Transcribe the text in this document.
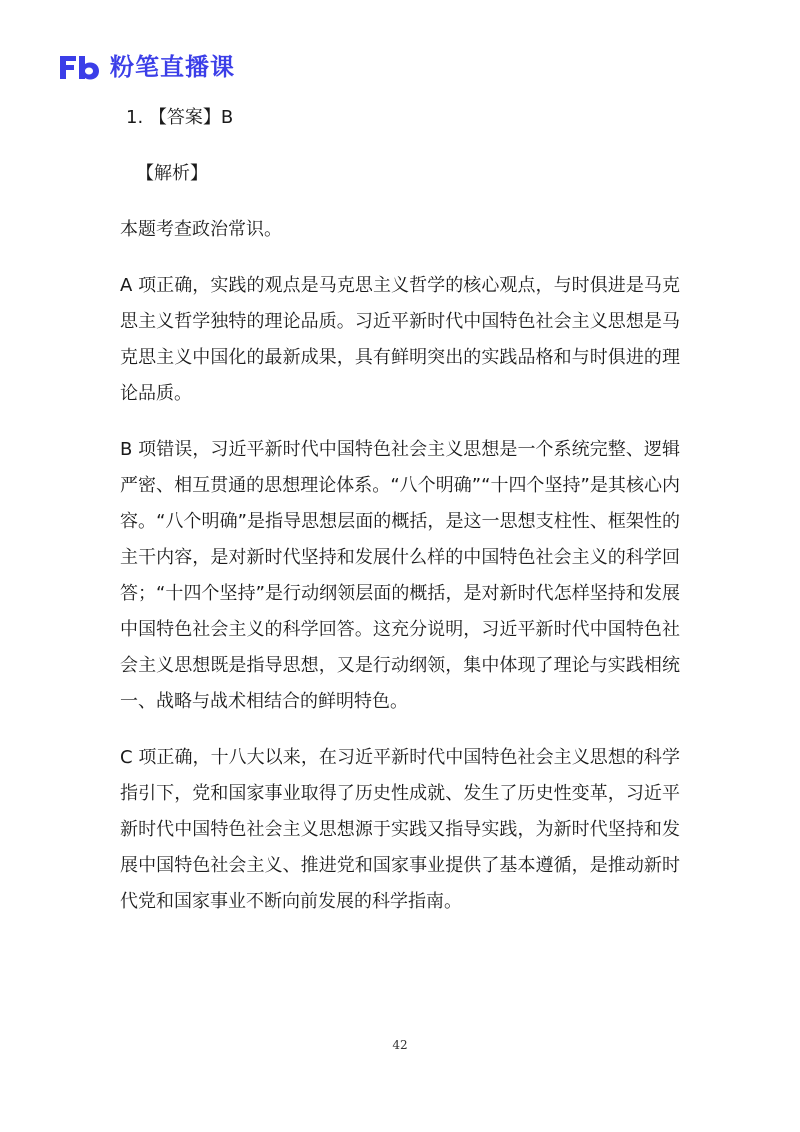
粉笔直播课

1. 【答案】B

【解析】

本题考查政治常识。

A 项正确，实践的观点是马克思主义哲学的核心观点，与时俱进是马克思主义哲学独特的理论品质。习近平新时代中国特色社会主义思想是马克思主义中国化的最新成果，具有鲜明突出的实践品格和与时俱进的理论品质。

B 项错误，习近平新时代中国特色社会主义思想是一个系统完整、逻辑严密、相互贯通的思想理论体系。“八个明确”“十四个坚持”是其核心内容。“八个明确”是指导思想层面的概括，是这一思想支柱性、框架性的主干内容，是对新时代坚持和发展什么样的中国特色社会主义的科学回答；“十四个坚持”是行动纲领层面的概括，是对新时代怎样坚持和发展中国特色社会主义的科学回答。这充分说明，习近平新时代中国特色社会主义思想既是指导思想，又是行动纲领，集中体现了理论与实践相统一、战略与战术相结合的鲜明特色。

C 项正确，十八大以来，在习近平新时代中国特色社会主义思想的科学指引下，党和国家事业取得了历史性成就、发生了历史性变革，习近平新时代中国特色社会主义思想源于实践又指导实践，为新时代坚持和发展中国特色社会主义、推进党和国家事业提供了基本遵循，是推动新时代党和国家事业不断向前发展的科学指南。

42
